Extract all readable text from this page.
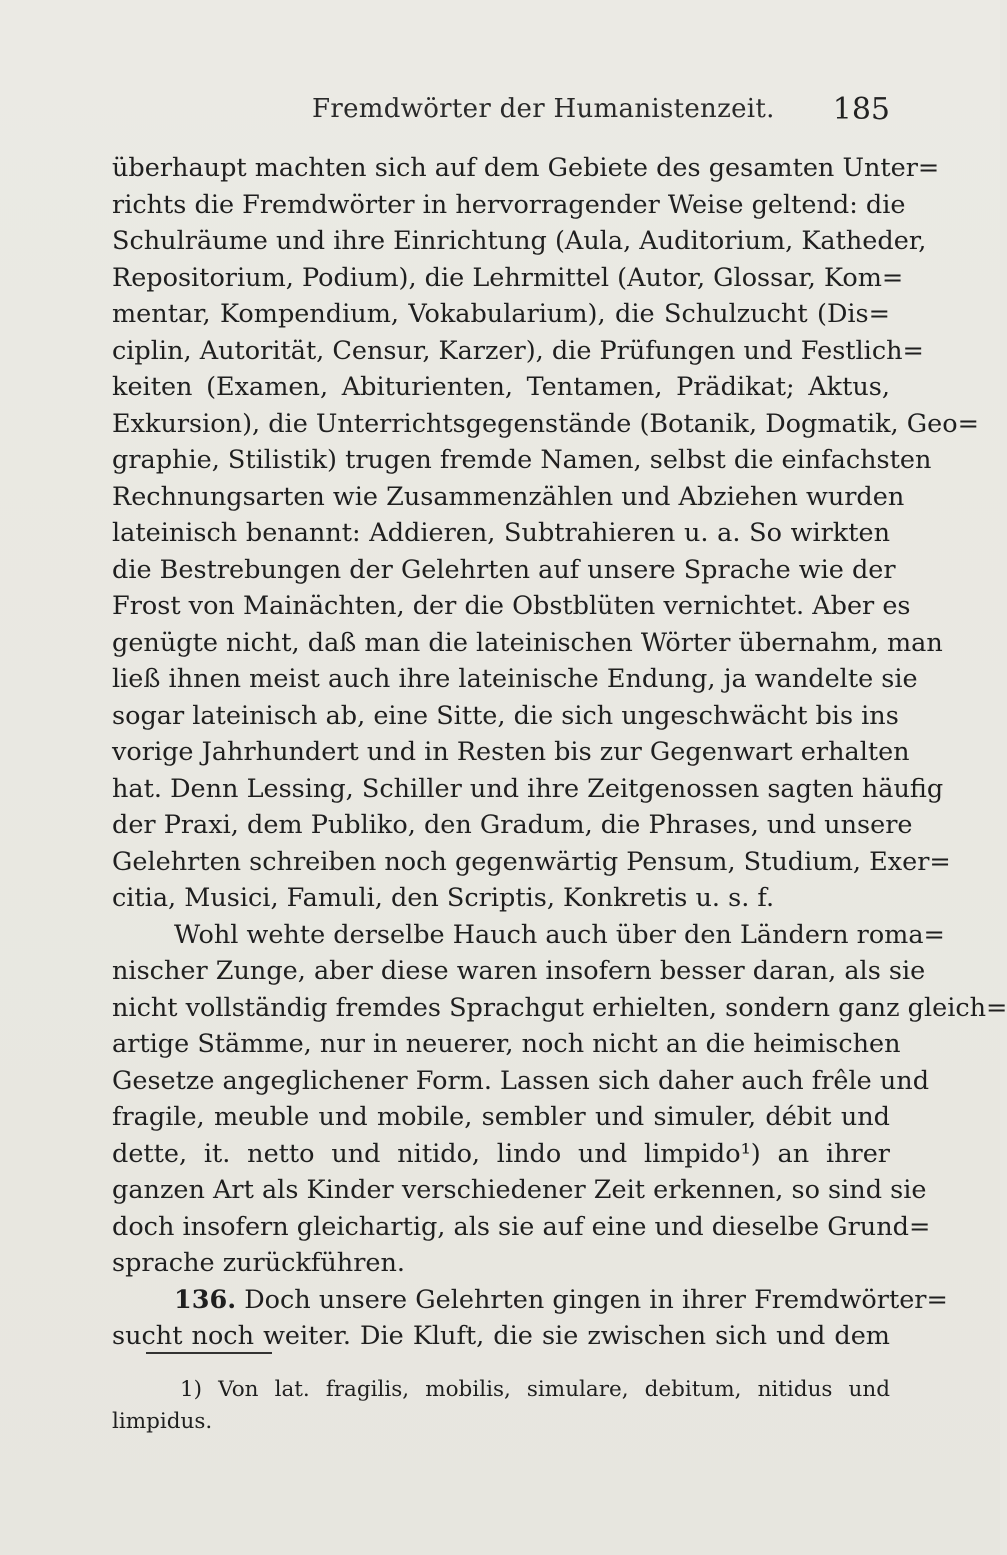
Fremdwörter der Humanistenzeit. 185
überhaupt machten sich auf dem Gebiete des gesamten Unter=
richts die Fremdwörter in hervorragender Weise geltend: die
Schulräume und ihre Einrichtung (Aula, Auditorium, Katheder,
Repositorium, Podium), die Lehrmittel (Autor, Glossar, Kom=
mentar, Kompendium, Vokabularium), die Schulzucht (Dis=
ciplin, Autorität, Censur, Karzer), die Prüfungen und Festlich=
keiten (Examen, Abiturienten, Tentamen, Prädikat; Aktus,
Exkursion), die Unterrichtsgegenstände (Botanik, Dogmatik, Geo=
graphie, Stilistik) trugen fremde Namen, selbst die einfachsten
Rechnungsarten wie Zusammenzählen und Abziehen wurden
lateinisch benannt: Addieren, Subtrahieren u. a. So wirkten
die Bestrebungen der Gelehrten auf unsere Sprache wie der
Frost von Mainächten, der die Obstblüten vernichtet. Aber es
genügte nicht, daß man die lateinischen Wörter übernahm, man
ließ ihnen meist auch ihre lateinische Endung, ja wandelte sie
sogar lateinisch ab, eine Sitte, die sich ungeschwächt bis ins
vorige Jahrhundert und in Resten bis zur Gegenwart erhalten
hat. Denn Lessing, Schiller und ihre Zeitgenossen sagten häufig
der Praxi, dem Publiko, den Gradum, die Phrases, und unsere
Gelehrten schreiben noch gegenwärtig Pensum, Studium, Exer=
citia, Musici, Famuli, den Scriptis, Konkretis u. s. f.
Wohl wehte derselbe Hauch auch über den Ländern roma=
nischer Zunge, aber diese waren insofern besser daran, als sie
nicht vollständig fremdes Sprachgut erhielten, sondern ganz gleich=
artige Stämme, nur in neuerer, noch nicht an die heimischen
Gesetze angeglichener Form. Lassen sich daher auch frêle und
fragile, meuble und mobile, sembler und simuler, débit und
dette, it. netto und nitido, lindo und limpido¹) an ihrer
ganzen Art als Kinder verschiedener Zeit erkennen, so sind sie
doch insofern gleichartig, als sie auf eine und dieselbe Grund=
sprache zurückführen.
136. Doch unsere Gelehrten gingen in ihrer Fremdwörter=
sucht noch weiter. Die Kluft, die sie zwischen sich und dem
1) Von lat. fragilis, mobilis, simulare, debitum, nitidus und
limpidus.
